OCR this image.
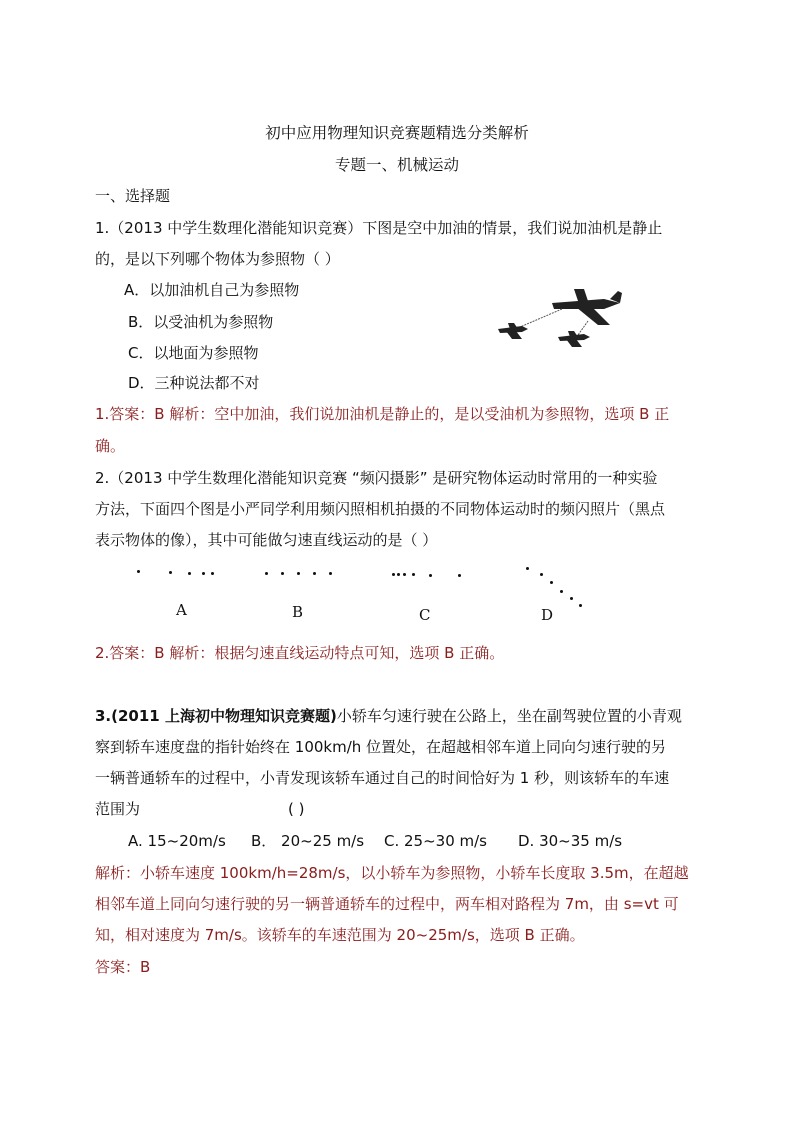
初中应用物理知识竞赛题精选分类解析
专题一、机械运动
一、选择题
1.（2013 中学生数理化潜能知识竞赛）下图是空中加油的情景，我们说加油机是静止
的，是以下列哪个物体为参照物（ ）
A．以加油机自己为参照物
B．以受油机为参照物
C．以地面为参照物
D．三种说法都不对
1.答案：B 解析：空中加油，我们说加油机是静止的，是以受油机为参照物，选项 B 正
确。
2.（2013 中学生数理化潜能知识竞赛 “频闪摄影” 是研究物体运动时常用的一种实验
方法，下面四个图是小严同学利用频闪照相机拍摄的不同物体运动时的频闪照片（黑点
表示物体的像），其中可能做匀速直线运动的是（ ）
A	B	C	D
2.答案：B 解析：根据匀速直线运动特点可知，选项 B 正确。
3.(2011 上海初中物理知识竞赛题)小轿车匀速行驶在公路上，坐在副驾驶位置的小青观
察到轿车速度盘的指针始终在 100km/h 位置处，在超越相邻车道上同向匀速行驶的另
一辆普通轿车的过程中，小青发现该轿车通过自己的时间恰好为 1 秒，则该轿车的车速
范围为	( )
A. 15~20m/s B． 20~25 m/s C. 25~30 m/s D. 30~35 m/s
解析：小轿车速度 100km/h=28m/s，以小轿车为参照物，小轿车长度取 3.5m，在超越
相邻车道上同向匀速行驶的另一辆普通轿车的过程中，两车相对路程为 7m，由 s=vt 可
知，相对速度为 7m/s。该轿车的车速范围为 20~25m/s，选项 B 正确。
答案：B
